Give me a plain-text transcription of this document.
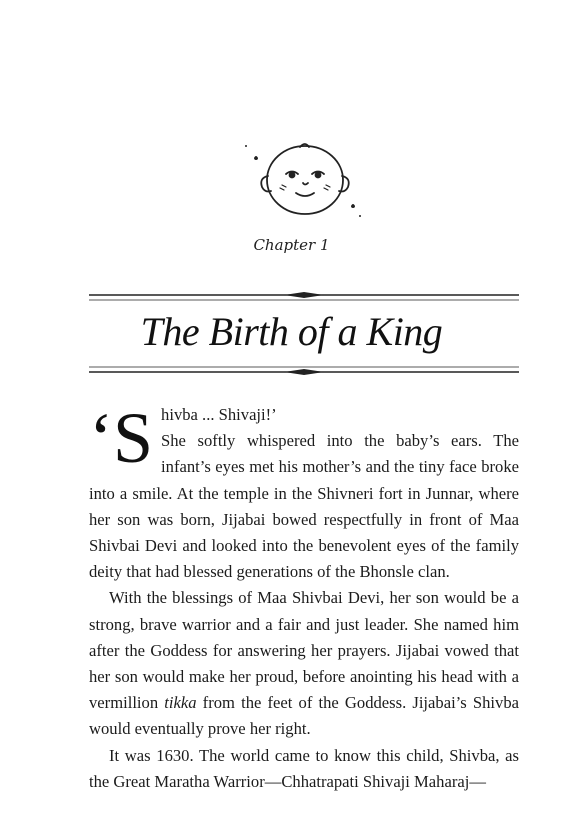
Chapter 1
The Birth of a King

‘S hivba ... Shivaji!’
She softly whispered into the baby’s ears. The infant’s eyes met his mother’s and the tiny face broke into a smile. At the temple in the Shivneri fort in Junnar, where her son was born, Jijabai bowed respectfully in front of Maa Shivbai Devi and looked into the benevolent eyes of the family deity that had blessed generations of the Bhonsle clan.

With the blessings of Maa Shivbai Devi, her son would be a strong, brave warrior and a fair and just leader. She named him after the Goddess for answering her prayers. Jijabai vowed that her son would make her proud, before anointing his head with a vermillion tikka from the feet of the Goddess. Jijabai’s Shivba would eventually prove her right.

It was 1630. The world came to know this child, Shivba, as the Great Maratha Warrior—Chhatrapati Shivaji Maharaj—
